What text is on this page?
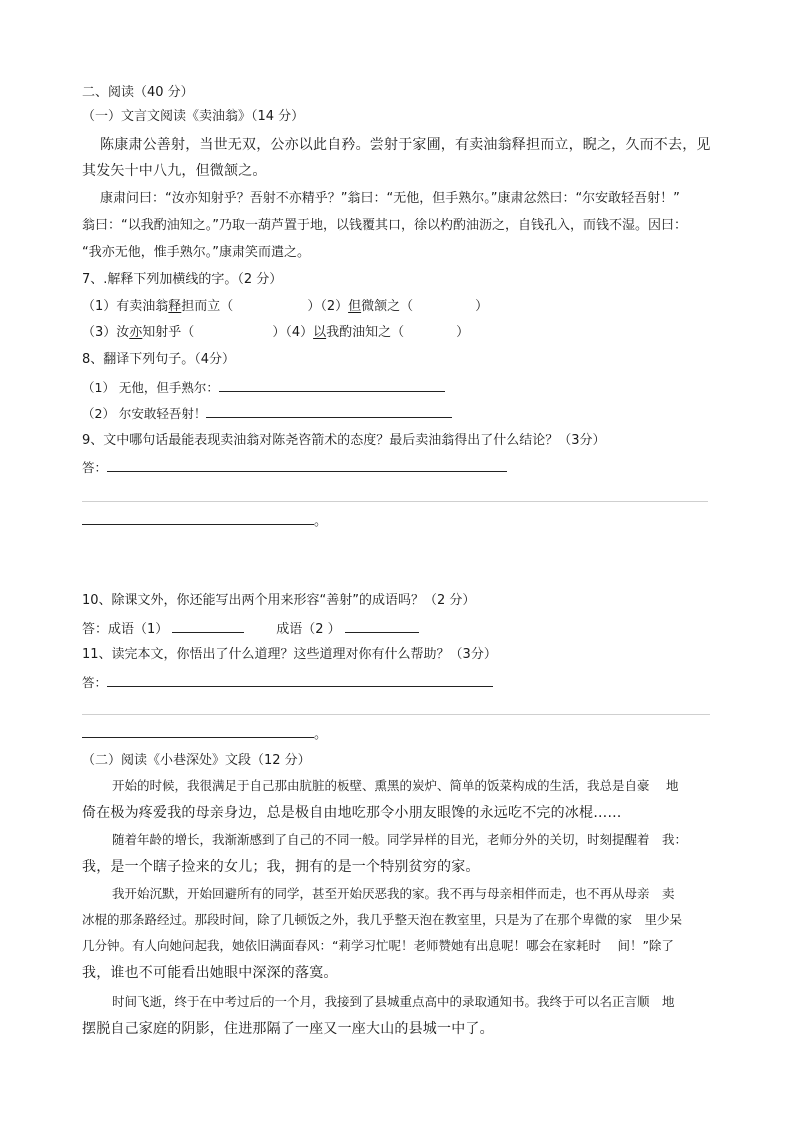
二、阅读（40 分）
（一）文言文阅读《卖油翁》（14 分）
陈康肃公善射，当世无双，公亦以此自矜。尝射于家圃，有卖油翁释担而立，睨之，久而不去，见
其发矢十中八九，但微颔之。
康肃问曰：“汝亦知射乎？吾射不亦精乎？”翁曰：“无他，但手熟尔。”康肃忿然曰：“尔安敢轻吾射！”
翁曰：“以我酌油知之。”乃取一葫芦置于地，以钱覆其口，徐以杓酌油沥之，自钱孔入，而钱不湿。因曰：
“我亦无他，惟手熟尔。”康肃笑而遣之。
7、.解释下列加横线的字。（2 分）
（1）有卖油翁释担而立（	）（2）但微颔之（	）
（3）汝亦知射乎（	）（4）以我酌油知之（	）
8、翻译下列句子。（4分）
（1） 无他，但手熟尔：
（2） 尔安敢轻吾射！
9、文中哪句话最能表现卖油翁对陈尧咨箭术的态度？最后卖油翁得出了什么结论？（3分）
答：
。
10、除课文外，你还能写出两个用来形容“善射”的成语吗？（2 分）
答：成语（1）	成语（2 ）
11、读完本文，你悟出了什么道理？这些道理对你有什么帮助？（3分）
答：
。
（二）阅读《小巷深处》文段（12 分）
开始的时候，我很满足于自己那由肮脏的板壁、熏黑的炭炉、简单的饭菜构成的生活，我总是自豪　 地
倚在极为疼爱我的母亲身边，总是极自由地吃那令小朋友眼馋的永远吃不完的冰棍……
随着年龄的增长，我渐渐感到了自己的不同一般。同学异样的目光，老师分外的关切，时刻提醒着　我：
我，是一个瞎子捡来的女儿；我，拥有的是一个特别贫穷的家。
我开始沉默，开始回避所有的同学，甚至开始厌恶我的家。我不再与母亲相伴而走，也不再从母亲　卖
冰棍的那条路经过。那段时间，除了几顿饭之外，我几乎整天泡在教室里，只是为了在那个卑微的家　里少呆
几分钟。有人向她问起我，她依旧满面春风：“莉学习忙呢！老师赞她有出息呢！哪会在家耗时　 间！”除了
我，谁也不可能看出她眼中深深的落寞。
时间飞逝，终于在中考过后的一个月，我接到了县城重点高中的录取通知书。我终于可以名正言顺　地
摆脱自己家庭的阴影，住进那隔了一座又一座大山的县城一中了。
